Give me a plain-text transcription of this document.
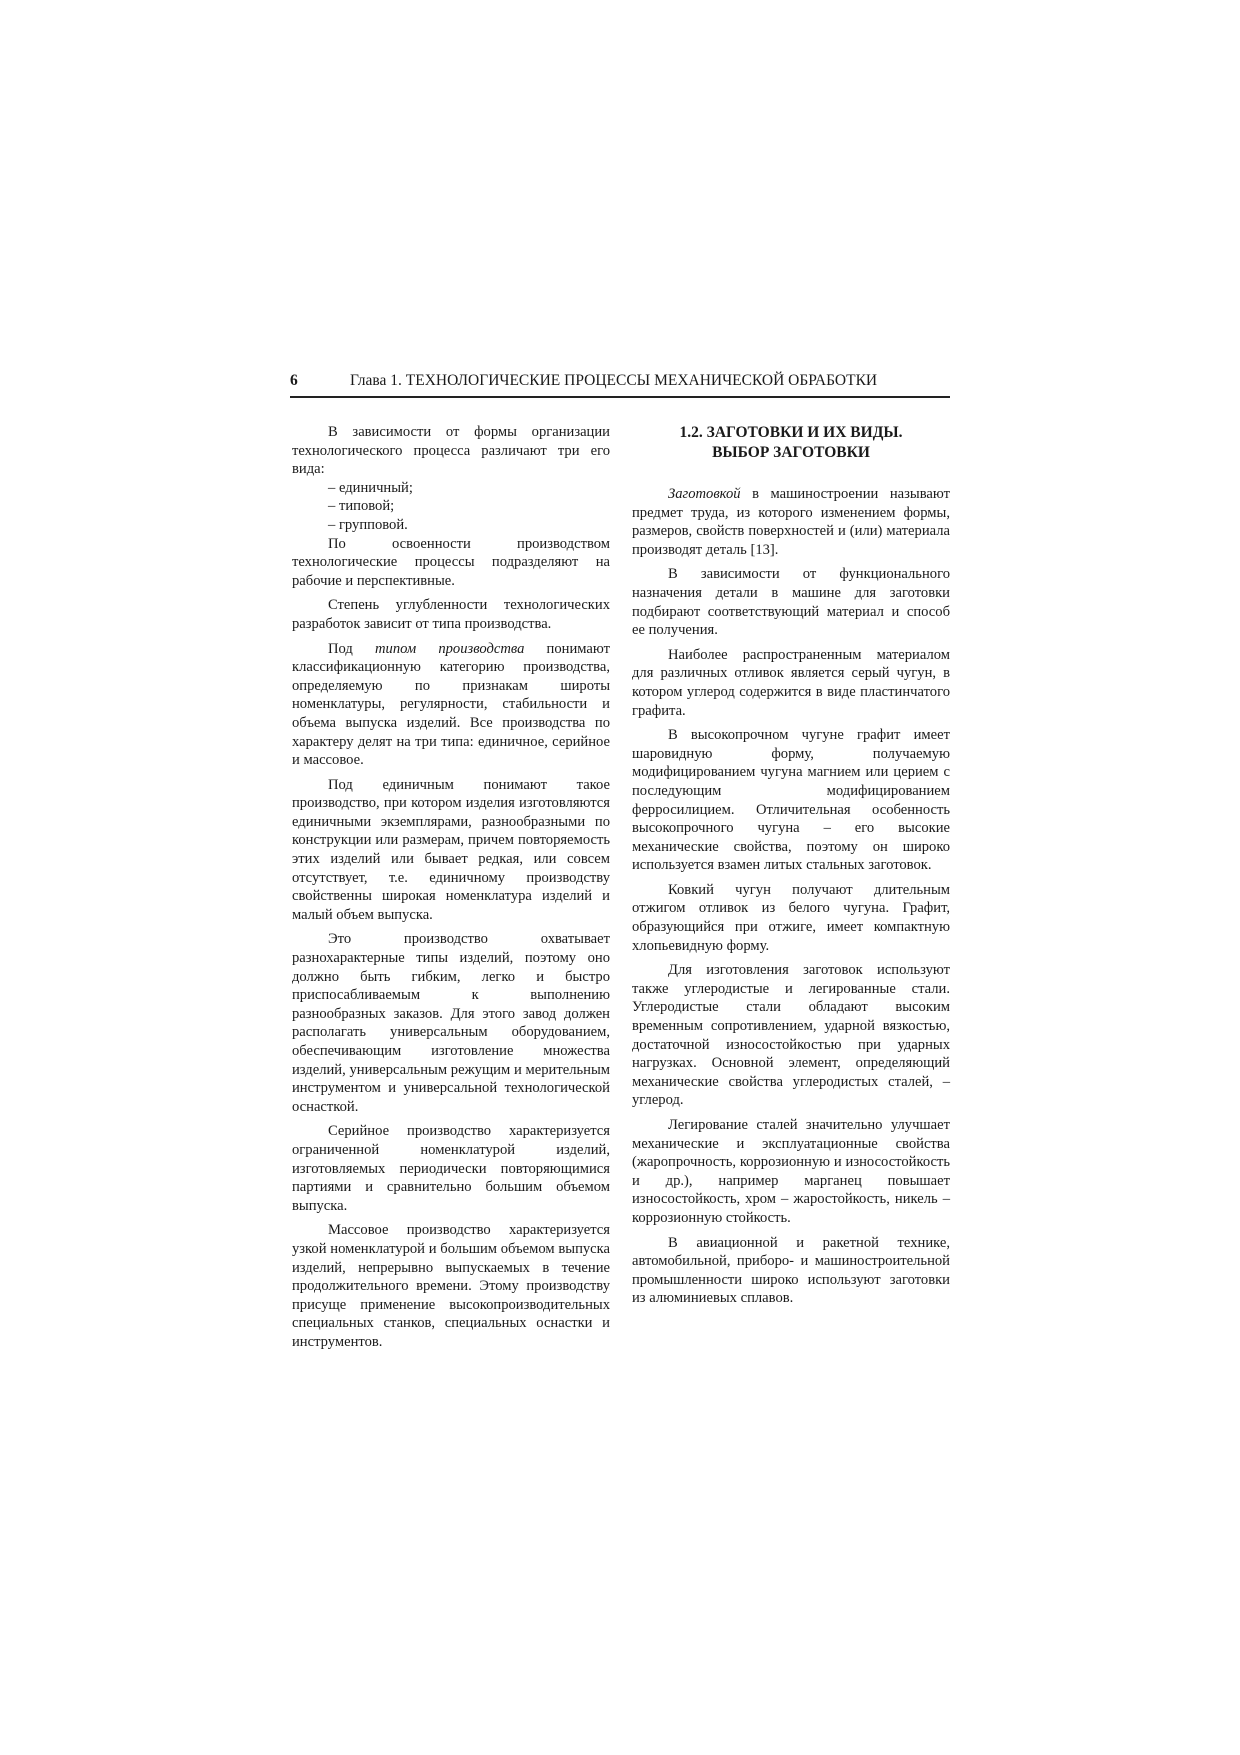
6	Глава 1. ТЕХНОЛОГИЧЕСКИЕ ПРОЦЕССЫ МЕХАНИЧЕСКОЙ ОБРАБОТКИ

В зависимости от формы организации технологического процесса различают три его вида:

– единичный;
– типовой;
– групповой.

По освоенности производством технологические процессы подразделяют на рабочие и перспективные.

Степень углубленности технологических разработок зависит от типа производства.

Под типом производства понимают классификационную категорию производства, определяемую по признакам широты номенклатуры, регулярности, стабильности и объема выпуска изделий. Все производства по характеру делят на три типа: единичное, серийное и массовое.

Под единичным понимают такое производство, при котором изделия изготовляются единичными экземплярами, разнообразными по конструкции или размерам, причем повторяемость этих изделий или бывает редкая, или совсем отсутствует, т.е. единичному производству свойственны широкая номенклатура изделий и малый объем выпуска.

Это производство охватывает разнохарактерные типы изделий, поэтому оно должно быть гибким, легко и быстро приспосабливаемым к выполнению разнообразных заказов. Для этого завод должен располагать универсальным оборудованием, обеспечивающим изготовление множества изделий, универсальным режущим и мерительным инструментом и универсальной технологической оснасткой.

Серийное производство характеризуется ограниченной номенклатурой изделий, изготовляемых периодически повторяющимися партиями и сравнительно большим объемом выпуска.

Массовое производство характеризуется узкой номенклатурой и большим объемом выпуска изделий, непрерывно выпускаемых в течение продолжительного времени. Этому производству присуще применение высокопроизводительных специальных станков, специальных оснастки и инструментов.

1.2. ЗАГОТОВКИ И ИХ ВИДЫ.
ВЫБОР ЗАГОТОВКИ

Заготовкой в машиностроении называют предмет труда, из которого изменением формы, размеров, свойств поверхностей и (или) материала производят деталь [13].

В зависимости от функционального назначения детали в машине для заготовки подбирают соответствующий материал и способ ее получения.

Наиболее распространенным материалом для различных отливок является серый чугун, в котором углерод содержится в виде пластинчатого графита.

В высокопрочном чугуне графит имеет шаровидную форму, получаемую модифицированием чугуна магнием или церием с последующим модифицированием ферросилицием. Отличительная особенность высокопрочного чугуна – его высокие механические свойства, поэтому он широко используется взамен литых стальных заготовок.

Ковкий чугун получают длительным отжигом отливок из белого чугуна. Графит, образующийся при отжиге, имеет компактную хлопьевидную форму.

Для изготовления заготовок используют также углеродистые и легированные стали. Углеродистые стали обладают высоким временным сопротивлением, ударной вязкостью, достаточной износостойкостью при ударных нагрузках. Основной элемент, определяющий механические свойства углеродистых сталей, – углерод.

Легирование сталей значительно улучшает механические и эксплуатационные свойства (жаропрочность, коррозионную и износостойкость и др.), например марганец повышает износостойкость, хром – жаростойкость, никель – коррозионную стойкость.

В авиационной и ракетной технике, автомобильной, приборо- и машиностроительной промышленности широко используют заготовки из алюминиевых сплавов.
